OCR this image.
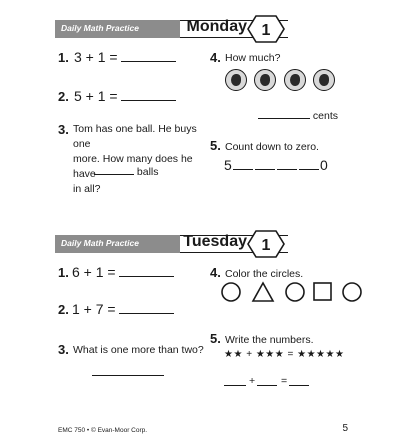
Daily Math Practice	Monday 1
1. 3 + 1 =
2. 5 + 1 =
3. Tom has one ball. He buys one
more. How many does he have
in all?
balls
4. How much?
cents
5. Count down to zero.
5	0
Daily Math Practice	Tuesday 1
1. 6 + 1 =
2. 1 + 7 =
3. What is one more than two?
4. Color the circles.
5. Write the numbers.
★★ + ★★★ = ★★★★★
+ =
EMC 750 • © Evan-Moor Corp.	5
